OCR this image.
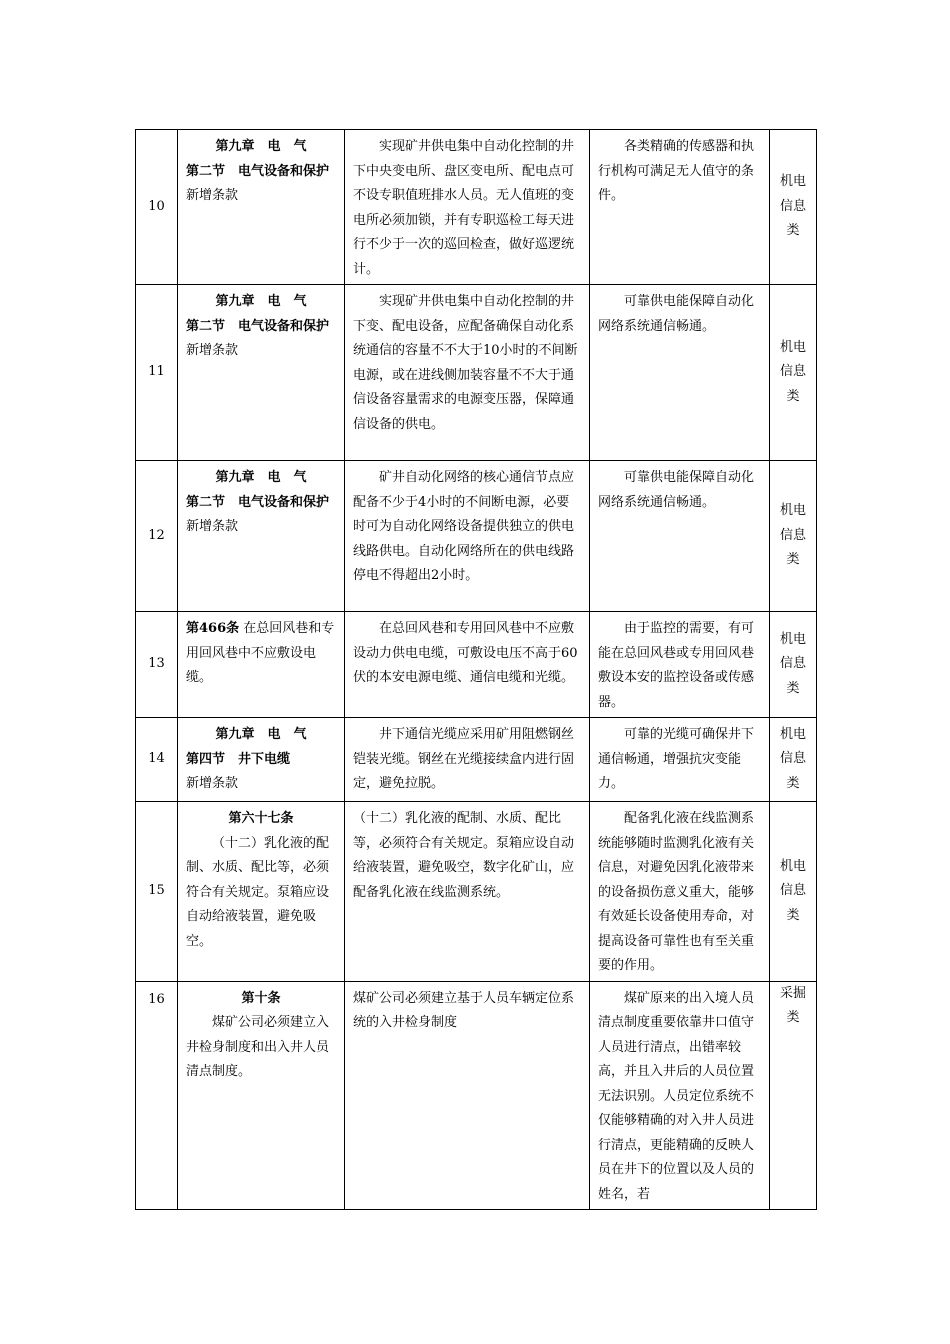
10	第九章　电　气
第二节　电气设备和保护
新增条款	实现矿井供电集中自动化控制的井下中央变电所、盘区变电所、配电点可不设专职值班排水人员。无人值班的变电所必须加锁，并有专职巡检工每天进行不少于一次的巡回检查，做好巡逻统计。	各类精确的传感器和执行机构可满足无人值守的条件。	机电信息类
11	第九章　电　气
第二节　电气设备和保护
新增条款	实现矿井供电集中自动化控制的井下变、配电设备，应配备确保自动化系统通信的容量不不大于10小时的不间断电源，或在进线侧加装容量不不大于通信设备容量需求的电源变压器，保障通信设备的供电。	可靠供电能保障自动化网络系统通信畅通。	机电信息类
12	第九章　电　气
第二节　电气设备和保护
新增条款	矿井自动化网络的核心通信节点应配备不少于4小时的不间断电源，必要时可为自动化网络设备提供独立的供电线路供电。自动化网络所在的供电线路停电不得超出2小时。	可靠供电能保障自动化网络系统通信畅通。	机电信息类
13	第466条 在总回风巷和专用回风巷中不应敷设电缆。	在总回风巷和专用回风巷中不应敷设动力供电电缆，可敷设电压不高于60伏的本安电源电缆、通信电缆和光缆。	由于监控的需要，有可能在总回风巷或专用回风巷敷设本安的监控设备或传感器。	机电信息类
14	第九章　电　气
第四节　井下电缆
新增条款	井下通信光缆应采用矿用阻燃钢丝铠装光缆。钢丝在光缆接续盒内进行固定，避免拉脱。	可靠的光缆可确保井下通信畅通，增强抗灾变能力。	机电信息类
15	第六十七条
（十二）乳化液的配制、水质、配比等，必须符合有关规定。泵箱应设自动给液装置，避免吸空。	（十二）乳化液的配制、水质、配比等，必须符合有关规定。泵箱应设自动给液装置，避免吸空，数字化矿山，应配备乳化液在线监测系统。	配备乳化液在线监测系统能够随时监测乳化液有关信息，对避免因乳化液带来的设备损伤意义重大，能够有效延长设备使用寿命，对提高设备可靠性也有至关重要的作用。	机电信息类
16	第十条
煤矿公司必须建立入井检身制度和出入井人员清点制度。	煤矿公司必须建立基于人员车辆定位系统的入井检身制度	煤矿原来的出入境人员清点制度重要依靠井口值守人员进行清点，出错率较高，并且入井后的人员位置无法识别。人员定位系统不仅能够精确的对入井人员进行清点，更能精确的反映人员在井下的位置以及人员的姓名，若	采掘类
